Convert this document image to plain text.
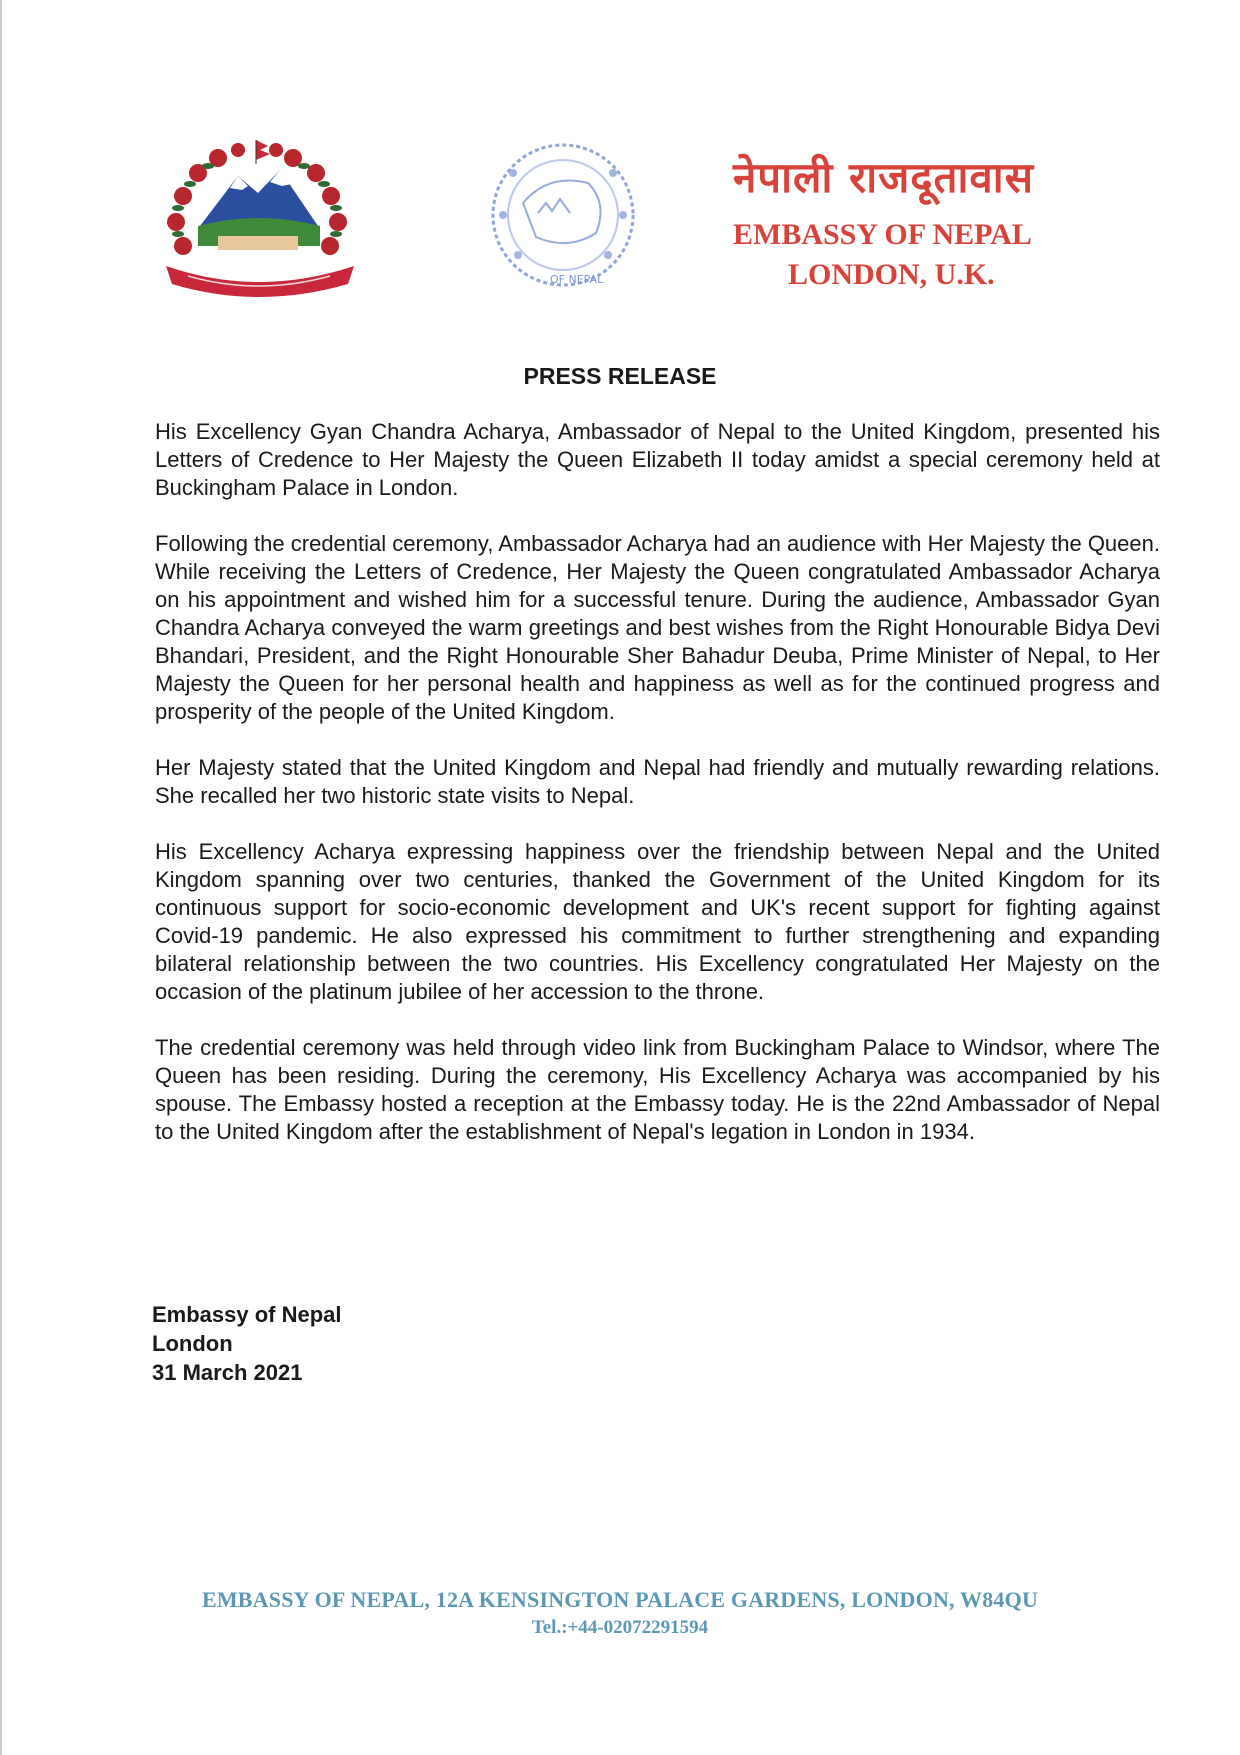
OF NEPAL
नेपाली राजदूतावास
EMBASSY OF NEPAL
LONDON, U.K.
PRESS RELEASE

His Excellency Gyan Chandra Acharya, Ambassador of Nepal to the United Kingdom, presented his Letters of Credence to Her Majesty the Queen Elizabeth II today amidst a special ceremony held at Buckingham Palace in London.

Following the credential ceremony, Ambassador Acharya had an audience with Her Majesty the Queen. While receiving the Letters of Credence, Her Majesty the Queen congratulated Ambassador Acharya on his appointment and wished him for a successful tenure. During the audience, Ambassador Gyan Chandra Acharya conveyed the warm greetings and best wishes from the Right Honourable Bidya Devi Bhandari, President, and the Right Honourable Sher Bahadur Deuba, Prime Minister of Nepal, to Her Majesty the Queen for her personal health and happiness as well as for the continued progress and prosperity of the people of the United Kingdom.

Her Majesty stated that the United Kingdom and Nepal had friendly and mutually rewarding relations. She recalled her two historic state visits to Nepal.

His Excellency Acharya expressing happiness over the friendship between Nepal and the United Kingdom spanning over two centuries, thanked the Government of the United Kingdom for its continuous support for socio-economic development and UK's recent support for fighting against Covid-19 pandemic. He also expressed his commitment to further strengthening and expanding bilateral relationship between the two countries. His Excellency congratulated Her Majesty on the occasion of the platinum jubilee of her accession to the throne.

The credential ceremony was held through video link from Buckingham Palace to Windsor, where The Queen has been residing. During the ceremony, His Excellency Acharya was accompanied by his spouse. The Embassy hosted a reception at the Embassy today. He is the 22nd Ambassador of Nepal to the United Kingdom after the establishment of Nepal's legation in London in 1934.

Embassy of Nepal
London
31 March 2021
EMBASSY OF NEPAL, 12A KENSINGTON PALACE GARDENS, LONDON, W84QU
Tel.:+44-02072291594
